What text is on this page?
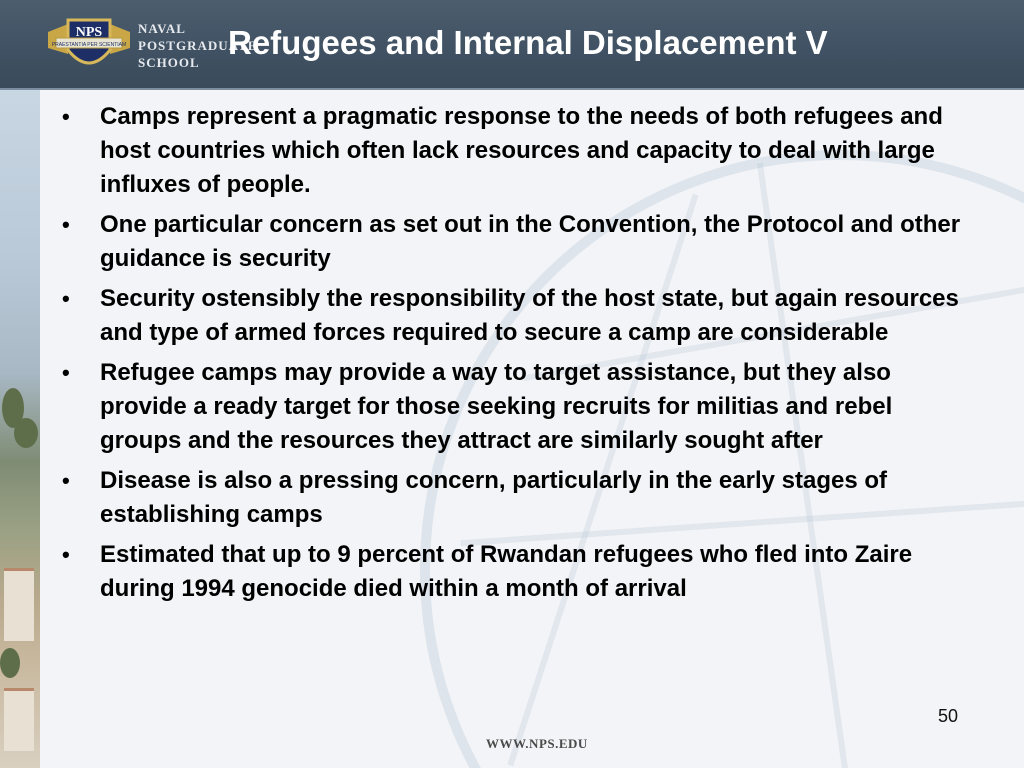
NPS
PRAESTANTIA PER SCIENTIAM
NAVAL
POSTGRADUATE
SCHOOL
Refugees and Internal Displacement V
• Camps represent a pragmatic response to the needs of both refugees and host countries which often lack resources and capacity to deal with large influxes of people.
• One particular concern as set out in the Convention, the Protocol and other guidance is security
• Security ostensibly the responsibility of the host state, but again resources and type of armed forces required to secure a camp are considerable
• Refugee camps may provide a way to target assistance, but they also provide a ready target for those seeking recruits for militias and rebel groups and the resources they attract are similarly sought after
• Disease is also a pressing concern, particularly in the early stages of establishing camps
• Estimated that up to 9 percent of Rwandan refugees who fled into Zaire during 1994 genocide died within a month of arrival
50
WWW.NPS.EDU
